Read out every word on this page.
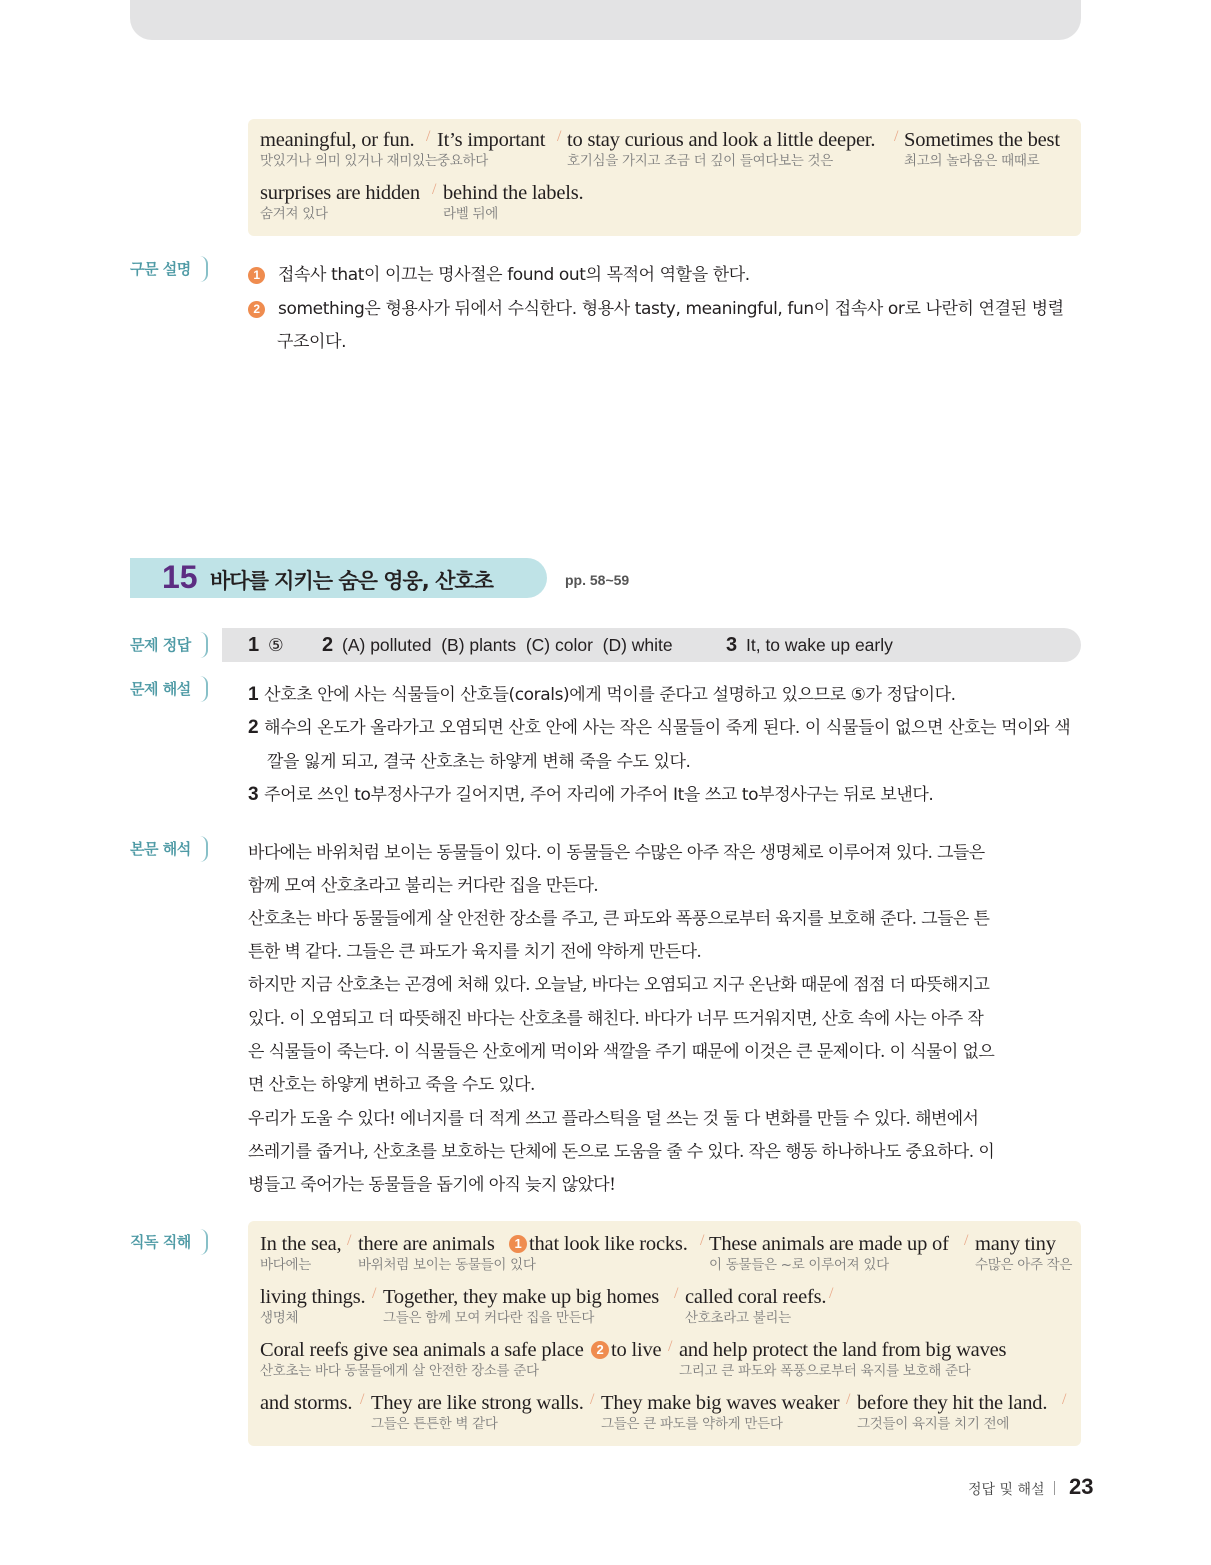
meaningful, or fun.
맛있거나 의미 있거나 재미있는
/ It’s important
중요하다
/ to stay curious and look a little deeper.
호기심을 가지고 조금 더 깊이 들여다보는 것은
/ Sometimes the best
최고의 놀라움은 때때로
surprises are hidden
숨겨져 있다
/ behind the labels.
라벨 뒤에
구문 설명	1 접속사 that이 이끄는 명사절은 found out의 목적어 역할을 한다.
2 something은 형용사가 뒤에서 수식한다. 형용사 tasty, meaningful, fun이 접속사 or로 나란히 연결된 병렬
구조이다.
15 바다를 지키는 숨은 영웅, 산호초	pp. 58~59
1 ⑤ 2 (A) polluted  (B) plants  (C) color  (D) white	3 It, to wake up early
문제 정답
문제 해설	1 산호초 안에 사는 식물들이 산호들(corals)에게 먹이를 준다고 설명하고 있으므로 ⑤가 정답이다.
2 해수의 온도가 올라가고 오염되면 산호 안에 사는 작은 식물들이 죽게 된다. 이 식물들이 없으면 산호는 먹이와 색
깔을 잃게 되고, 결국 산호초는 하얗게 변해 죽을 수도 있다.
3 주어로 쓰인 to부정사구가 길어지면, 주어 자리에 가주어 It을 쓰고 to부정사구는 뒤로 보낸다.
본문 해석	바다에는 바위처럼 보이는 동물들이 있다. 이 동물들은 수많은 아주 작은 생명체로 이루어져 있다. 그들은
함께 모여 산호초라고 불리는 커다란 집을 만든다.
산호초는 바다 동물들에게 살 안전한 장소를 주고, 큰 파도와 폭풍으로부터 육지를 보호해 준다. 그들은 튼
튼한 벽 같다. 그들은 큰 파도가 육지를 치기 전에 약하게 만든다.
하지만 지금 산호초는 곤경에 처해 있다. 오늘날, 바다는 오염되고 지구 온난화 때문에 점점 더 따뜻해지고
있다. 이 오염되고 더 따뜻해진 바다는 산호초를 해친다. 바다가 너무 뜨거워지면, 산호 속에 사는 아주 작
은 식물들이 죽는다. 이 식물들은 산호에게 먹이와 색깔을 주기 때문에 이것은 큰 문제이다. 이 식물이 없으
면 산호는 하얗게 변하고 죽을 수도 있다.
우리가 도울 수 있다! 에너지를 더 적게 쓰고 플라스틱을 덜 쓰는 것 둘 다 변화를 만들 수 있다. 해변에서
쓰레기를 줍거나, 산호초를 보호하는 단체에 돈으로 도움을 줄 수 있다. 작은 행동 하나하나도 중요하다. 이
병들고 죽어가는 동물들을 돕기에 아직 늦지 않았다!
직독 직해	In the sea,
바다에는
/ there are animals
바위처럼 보이는 동물들이 있다
1 that look like rocks. / These animals are made up of
이 동물들은 ~로 이루어져 있다
/ many tiny
수많은 아주 작은
living things.
생명체
/ Together, they make up big homes
그들은 함께 모여 커다란 집을 만든다
/ called coral reefs.
산호초라고 불리는
/
Coral reefs give sea animals a safe place
산호초는 바다 동물들에게 살 안전한 장소를 준다
2 to live / and help protect the land from big waves
그리고 큰 파도와 폭풍으로부터 육지를 보호해 준다
and storms. / They are like strong walls.
그들은 튼튼한 벽 같다
/ They make big waves weaker
그들은 큰 파도를 약하게 만든다
/ before they hit the land.
그것들이 육지를 치기 전에
/
정답 및 해설 23
